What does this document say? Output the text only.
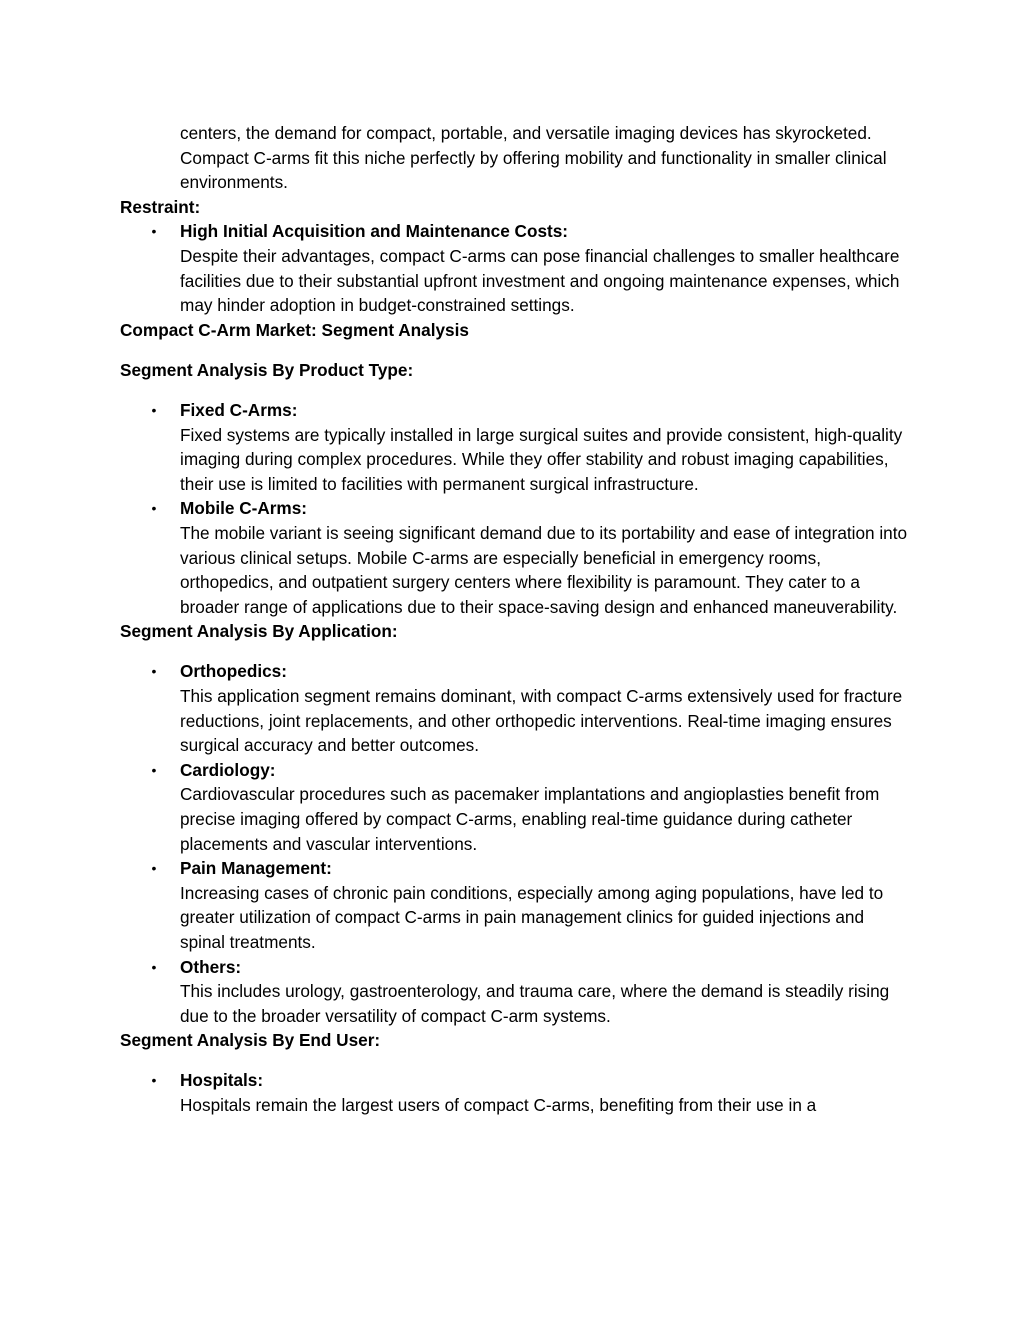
centers, the demand for compact, portable, and versatile imaging devices has skyrocketed. Compact C-arms fit this niche perfectly by offering mobility and functionality in smaller clinical environments.

Restraint:

• High Initial Acquisition and Maintenance Costs:
Despite their advantages, compact C-arms can pose financial challenges to smaller healthcare facilities due to their substantial upfront investment and ongoing maintenance expenses, which may hinder adoption in budget-constrained settings.

Compact C-Arm Market: Segment Analysis

Segment Analysis By Product Type:

• Fixed C-Arms:
Fixed systems are typically installed in large surgical suites and provide consistent, high-quality imaging during complex procedures. While they offer stability and robust imaging capabilities, their use is limited to facilities with permanent surgical infrastructure.
• Mobile C-Arms:
The mobile variant is seeing significant demand due to its portability and ease of integration into various clinical setups. Mobile C-arms are especially beneficial in emergency rooms, orthopedics, and outpatient surgery centers where flexibility is paramount. They cater to a broader range of applications due to their space-saving design and enhanced maneuverability.

Segment Analysis By Application:

• Orthopedics:
This application segment remains dominant, with compact C-arms extensively used for fracture reductions, joint replacements, and other orthopedic interventions. Real-time imaging ensures surgical accuracy and better outcomes.
• Cardiology:
Cardiovascular procedures such as pacemaker implantations and angioplasties benefit from precise imaging offered by compact C-arms, enabling real-time guidance during catheter placements and vascular interventions.
• Pain Management:
Increasing cases of chronic pain conditions, especially among aging populations, have led to greater utilization of compact C-arms in pain management clinics for guided injections and spinal treatments.
• Others:
This includes urology, gastroenterology, and trauma care, where the demand is steadily rising due to the broader versatility of compact C-arm systems.

Segment Analysis By End User:

• Hospitals:
Hospitals remain the largest users of compact C-arms, benefiting from their use in a
